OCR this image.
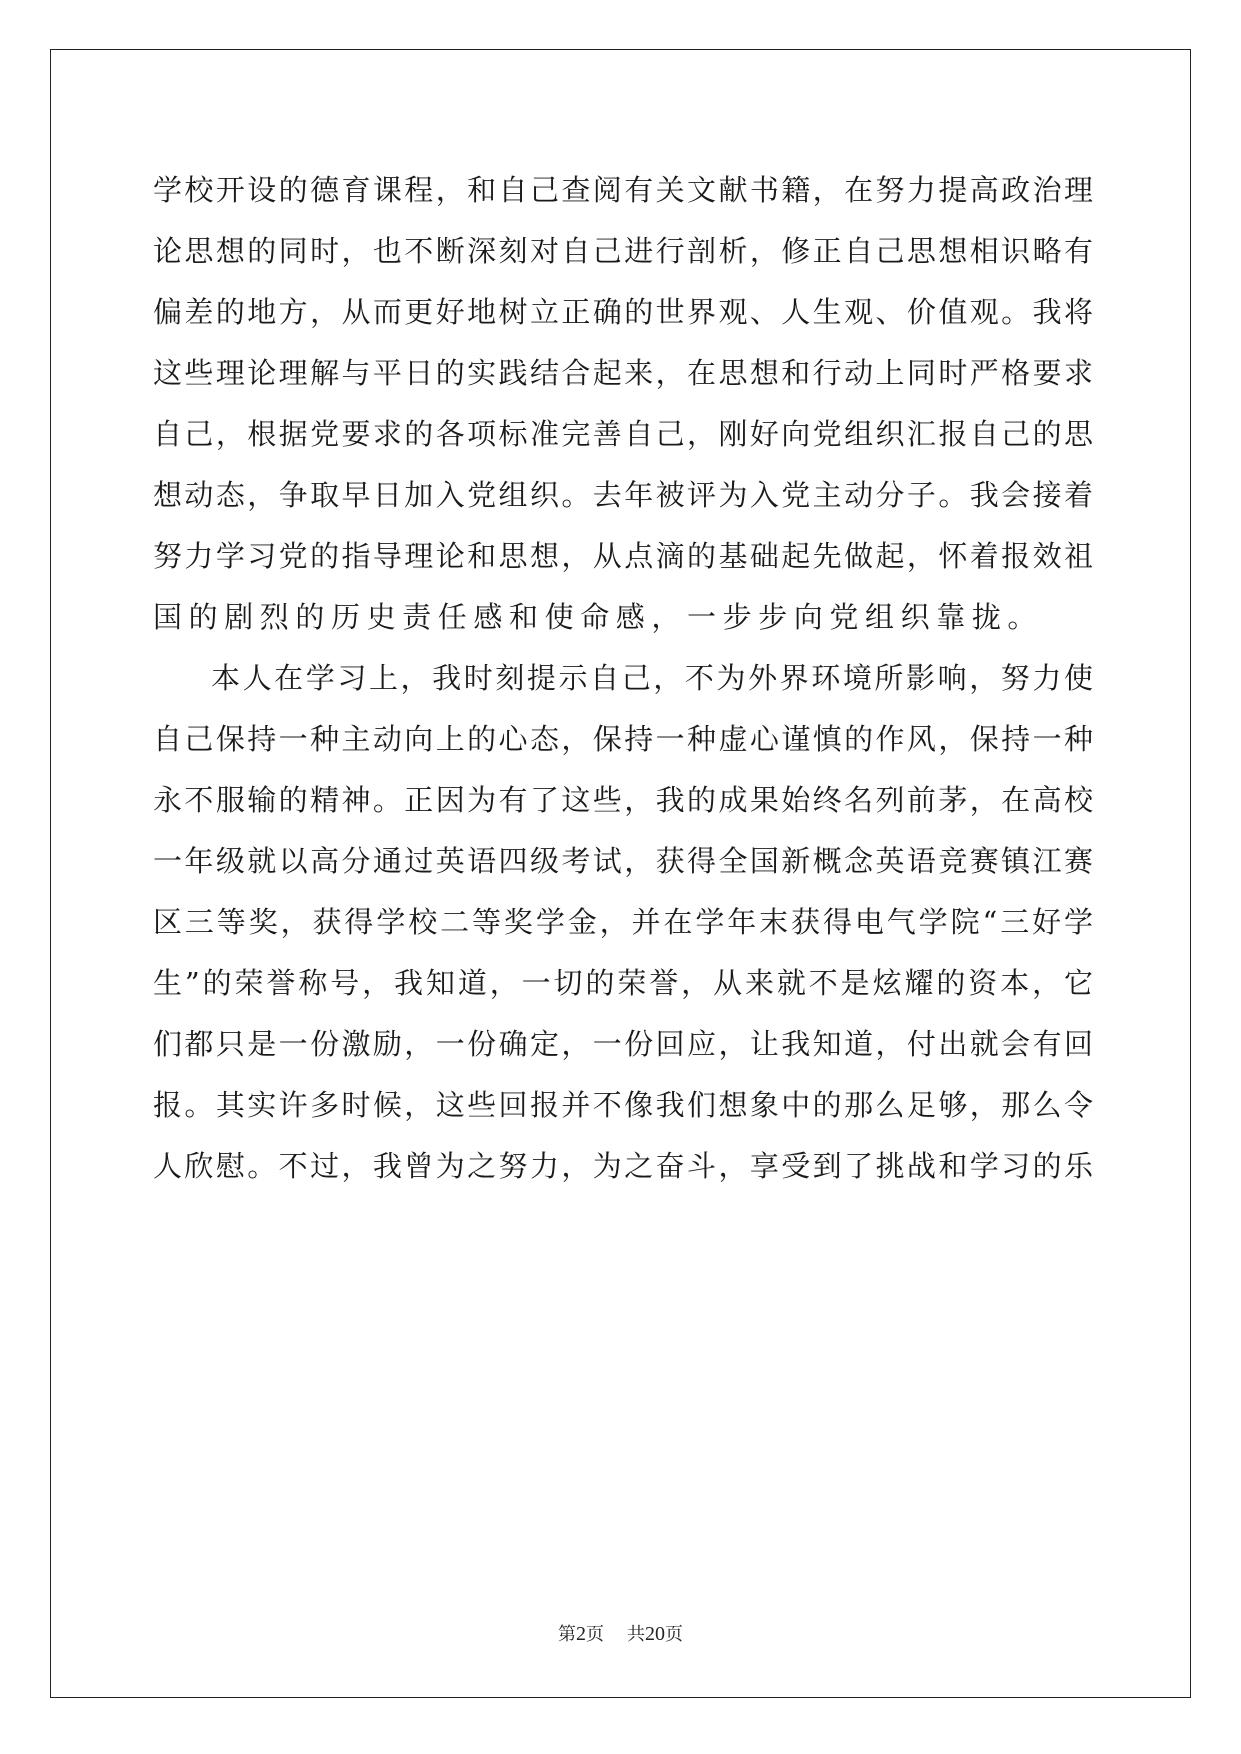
学校开设的德育课程，和自己查阅有关文献书籍，在努力提高政治理
论思想的同时，也不断深刻对自己进行剖析，修正自己思想相识略有
偏差的地方，从而更好地树立正确的世界观、人生观、价值观。我将
这些理论理解与平日的实践结合起来，在思想和行动上同时严格要求
自己，根据党要求的各项标准完善自己，刚好向党组织汇报自己的思
想动态，争取早日加入党组织。去年被评为入党主动分子。我会接着
努力学习党的指导理论和思想，从点滴的基础起先做起，怀着报效祖
国的剧烈的历史责任感和使命感，一步步向党组织靠拢。
本人在学习上，我时刻提示自己，不为外界环境所影响，努力使
自己保持一种主动向上的心态，保持一种虚心谨慎的作风，保持一种
永不服输的精神。正因为有了这些，我的成果始终名列前茅，在高校
一年级就以高分通过英语四级考试，获得全国新概念英语竞赛镇江赛
区三等奖，获得学校二等奖学金，并在学年末获得电气学院“三好学
生”的荣誉称号，我知道，一切的荣誉，从来就不是炫耀的资本，它
们都只是一份激励，一份确定，一份回应，让我知道，付出就会有回
报。其实许多时候，这些回报并不像我们想象中的那么足够，那么令
人欣慰。不过，我曾为之努力，为之奋斗，享受到了挑战和学习的乐
第2页 共20页
